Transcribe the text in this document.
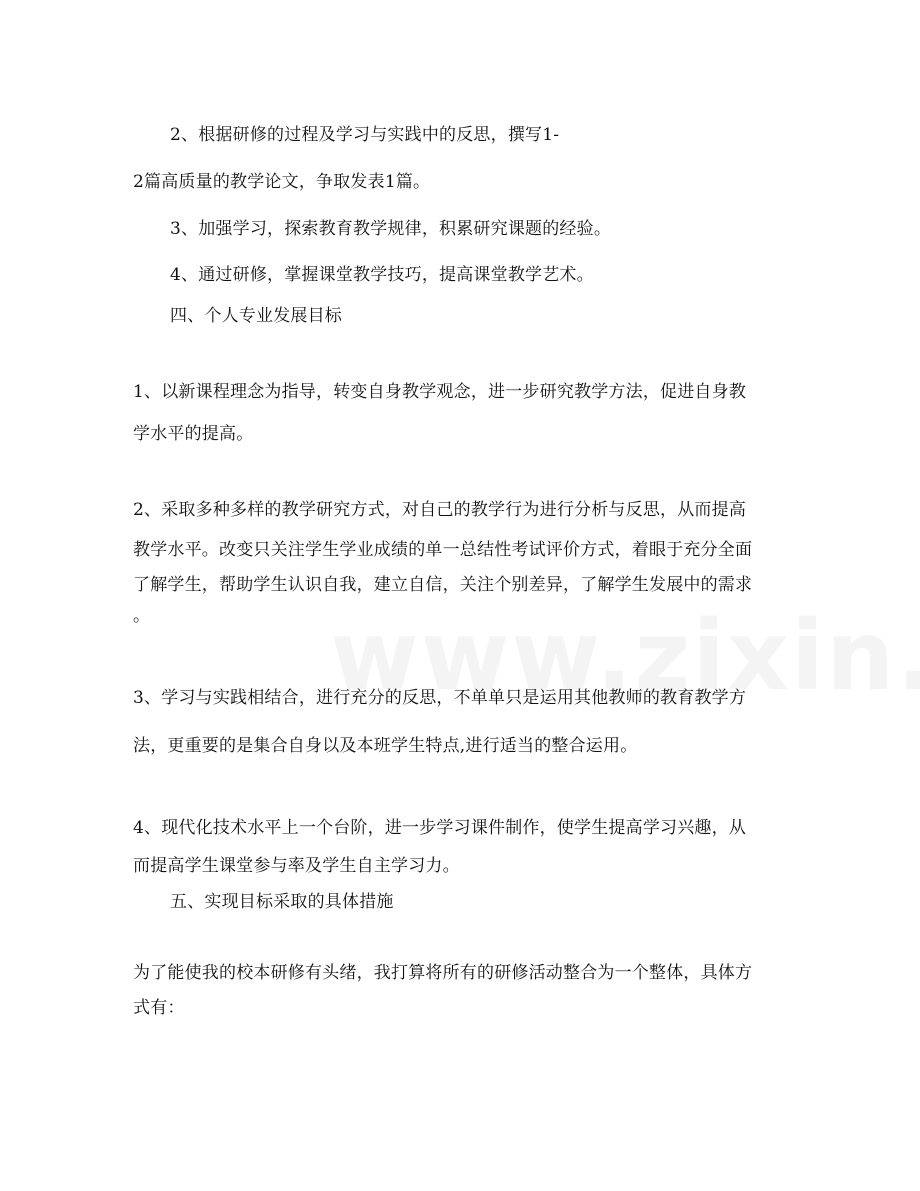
2、根据研修的过程及学习与实践中的反思，撰写1-
2篇高质量的教学论文，争取发表1篇。
3、加强学习，探索教育教学规律，积累研究课题的经验。
4、通过研修，掌握课堂教学技巧，提高课堂教学艺术。
四、个人专业发展目标
1、以新课程理念为指导，转变自身教学观念，进一步研究教学方法，促进自身教
学水平的提高。
2、采取多种多样的教学研究方式，对自己的教学行为进行分析与反思，从而提高
教学水平。改变只关注学生学业成绩的单一总结性考试评价方式，着眼于充分全面
了解学生，帮助学生认识自我，建立自信，关注个别差异，了解学生发展中的需求
。
3、学习与实践相结合，进行充分的反思，不单单只是运用其他教师的教育教学方
法，更重要的是集合自身以及本班学生特点,进行适当的整合运用。
4、现代化技术水平上一个台阶，进一步学习课件制作，使学生提高学习兴趣，从
而提高学生课堂参与率及学生自主学习力。
五、实现目标采取的具体措施
为了能使我的校本研修有头绪，我打算将所有的研修活动整合为一个整体，具体方
式有：
